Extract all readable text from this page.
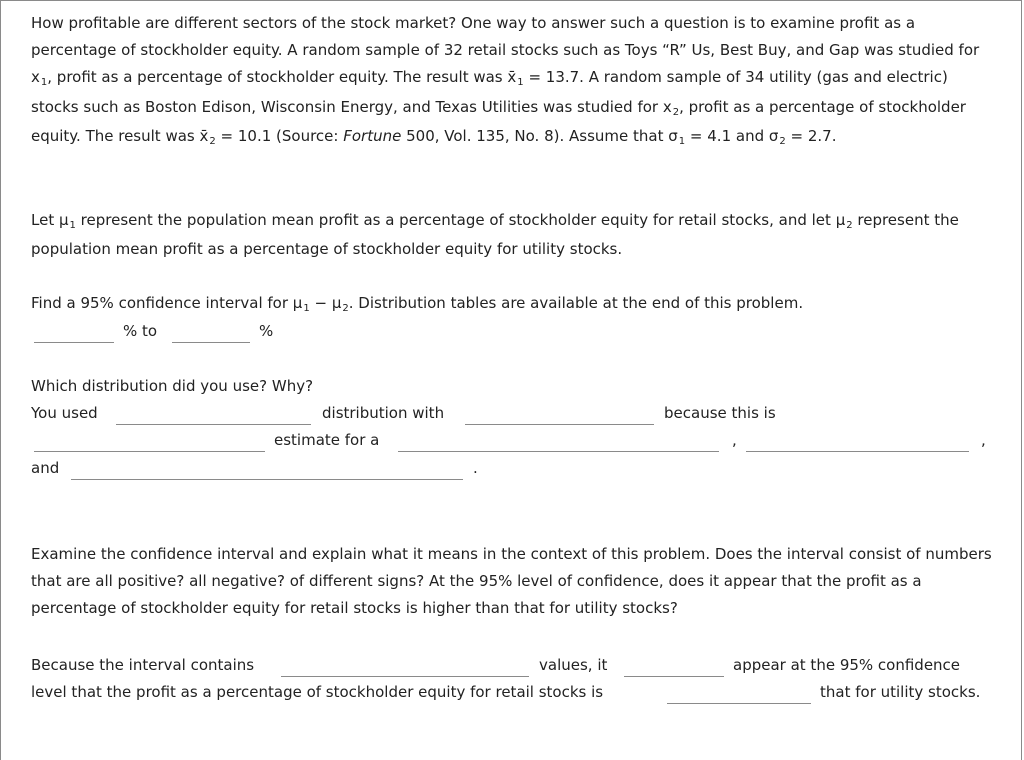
How profitable are different sectors of the stock market? One way to answer such a question is to examine profit as a percentage of stockholder equity. A random sample of 32 retail stocks such as Toys “R” Us, Best Buy, and Gap was studied for $x_1$, profit as a percentage of stockholder equity. The result was $x̄_1 = 13.7$. A random sample of 34 utility (gas and electric) stocks such as Boston Edison, Wisconsin Energy, and Texas Utilities was studied for $x_2$, profit as a percentage of stockholder equity. The result was $x̄_2 = 10.1$ (Source: Fortune 500, Vol. 135, No. 8). Assume that $\sigma_1 = 4.1$ and $\sigma_2 = 2.7$.
Let $\mu_1$ represent the population mean profit as a percentage of stockholder equity for retail stocks, and let $\mu_2$ represent the population mean profit as a percentage of stockholder equity for utility stocks.
Find a 95% confidence interval for $\mu_1 - \mu_2$. Distribution tables are available at the end of this problem.
% to	%
Which distribution did you use? Why?
You used	distribution with	because this is
estimate for a	,	,
and	.
Examine the confidence interval and explain what it means in the context of this problem. Does the interval consist of numbers that are all positive? all negative? of different signs? At the 95% level of confidence, does it appear that the profit as a percentage of stockholder equity for retail stocks is higher than that for utility stocks?
Because the interval contains	values, it	appear at the 95% confidence
level that the profit as a percentage of stockholder equity for retail stocks is	that for utility stocks.
